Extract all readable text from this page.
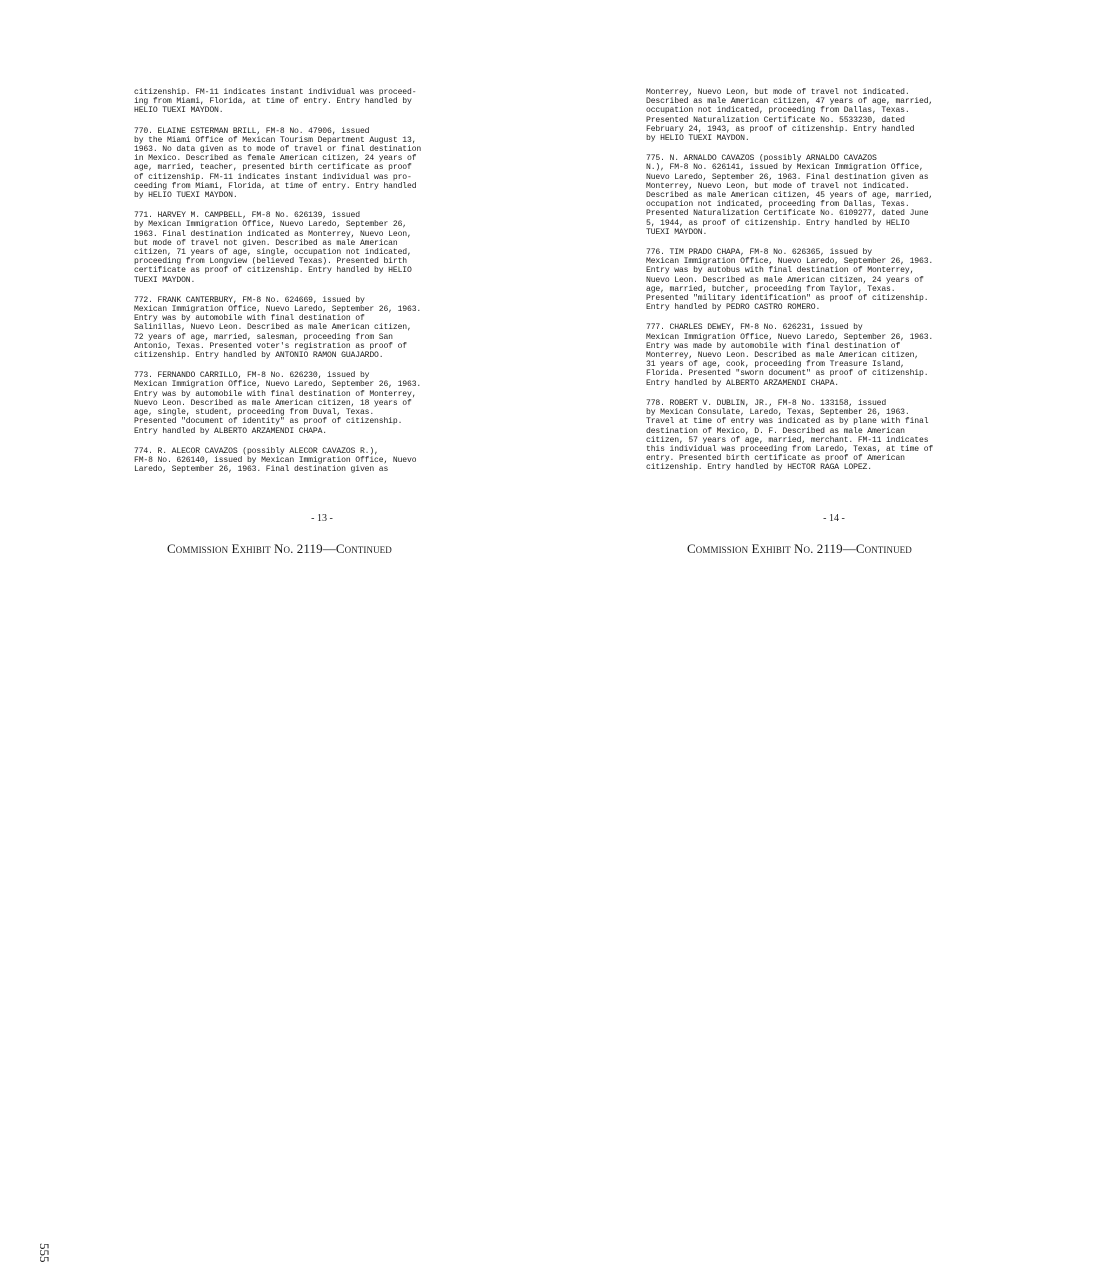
citizenship. FM-11 indicates instant individual was proceed-
ing from Miami, Florida, at time of entry. Entry handled by
HELIO TUEXI MAYDON.

770. ELAINE ESTERMAN BRILL, FM-8 No. 47906, issued
by the Miami Office of Mexican Tourism Department August 13,
1963. No data given as to mode of travel or final destination
in Mexico. Described as female American citizen, 24 years of
age, married, teacher, presented birth certificate as proof
of citizenship. FM-11 indicates instant individual was pro-
ceeding from Miami, Florida, at time of entry. Entry handled
by HELIO TUEXI MAYDON.

771. HARVEY M. CAMPBELL, FM-8 No. 626139, issued
by Mexican Immigration Office, Nuevo Laredo, September 26,
1963. Final destination indicated as Monterrey, Nuevo Leon,
but mode of travel not given. Described as male American
citizen, 71 years of age, single, occupation not indicated,
proceeding from Longview (believed Texas). Presented birth
certificate as proof of citizenship. Entry handled by HELIO
TUEXI MAYDON.

772. FRANK CANTERBURY, FM-8 No. 624669, issued by
Mexican Immigration Office, Nuevo Laredo, September 26, 1963.
Entry was by automobile with final destination of
Salinillas, Nuevo Leon. Described as male American citizen,
72 years of age, married, salesman, proceeding from San
Antonio, Texas. Presented voter's registration as proof of
citizenship. Entry handled by ANTONIO RAMON GUAJARDO.

773. FERNANDO CARRILLO, FM-8 No. 626230, issued by
Mexican Immigration Office, Nuevo Laredo, September 26, 1963.
Entry was by automobile with final destination of Monterrey,
Nuevo Leon. Described as male American citizen, 18 years of
age, single, student, proceeding from Duval, Texas.
Presented "document of identity" as proof of citizenship.
Entry handled by ALBERTO ARZAMENDI CHAPA.

774. R. ALECOR CAVAZOS (possibly ALECOR CAVAZOS R.),
FM-8 No. 626140, issued by Mexican Immigration Office, Nuevo
Laredo, September 26, 1963. Final destination given as

Monterrey, Nuevo Leon, but mode of travel not indicated.
Described as male American citizen, 47 years of age, married,
occupation not indicated, proceeding from Dallas, Texas.
Presented Naturalization Certificate No. 5533230, dated
February 24, 1943, as proof of citizenship. Entry handled
by HELIO TUEXI MAYDON.

775. N. ARNALDO CAVAZOS (possibly ARNALDO CAVAZOS
N.), FM-8 No. 626141, issued by Mexican Immigration Office,
Nuevo Laredo, September 26, 1963. Final destination given as
Monterrey, Nuevo Leon, but mode of travel not indicated.
Described as male American citizen, 45 years of age, married,
occupation not indicated, proceeding from Dallas, Texas.
Presented Naturalization Certificate No. 6109277, dated June
5, 1944, as proof of citizenship. Entry handled by HELIO
TUEXI MAYDON.

776. TIM PRADO CHAPA, FM-8 No. 626365, issued by
Mexican Immigration Office, Nuevo Laredo, September 26, 1963.
Entry was by autobus with final destination of Monterrey,
Nuevo Leon. Described as male American citizen, 24 years of
age, married, butcher, proceeding from Taylor, Texas.
Presented "military identification" as proof of citizenship.
Entry handled by PEDRO CASTRO ROMERO.

777. CHARLES DEWEY, FM-8 No. 626231, issued by
Mexican Immigration Office, Nuevo Laredo, September 26, 1963.
Entry was made by automobile with final destination of
Monterrey, Nuevo Leon. Described as male American citizen,
31 years of age, cook, proceeding from Treasure Island,
Florida. Presented "sworn document" as proof of citizenship.
Entry handled by ALBERTO ARZAMENDI CHAPA.

778. ROBERT V. DUBLIN, JR., FM-8 No. 133158, issued
by Mexican Consulate, Laredo, Texas, September 26, 1963.
Travel at time of entry was indicated as by plane with final
destination of Mexico, D. F. Described as male American
citizen, 57 years of age, married, merchant. FM-11 indicates
this individual was proceeding from Laredo, Texas, at time of
entry. Presented birth certificate as proof of American
citizenship. Entry handled by HECTOR RAGA LOPEZ.

- 13 -	- 14 -
Commission Exhibit No. 2119—Continued	Commission Exhibit No. 2119—Continued
555
